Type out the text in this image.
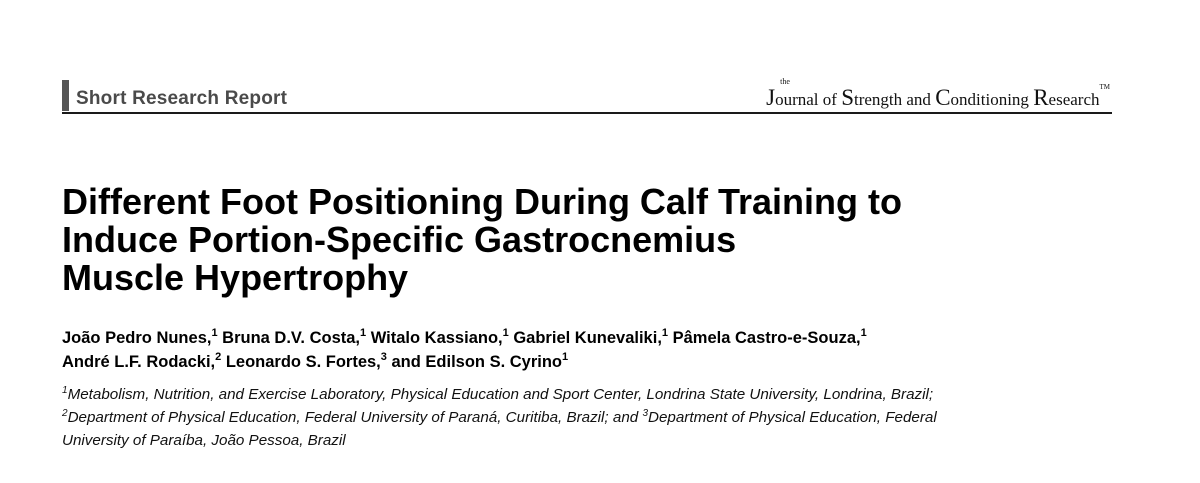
Short Research Report
the
Journal of Strength and Conditioning Research™
Different Foot Positioning During Calf Training to
Induce Portion-Specific Gastrocnemius
Muscle Hypertrophy
João Pedro Nunes,$^1$ Bruna D.V. Costa,$^1$ Witalo Kassiano,$^1$ Gabriel Kunevaliki,$^1$ Pâmela Castro-e-Souza,$^1$
André L.F. Rodacki,$^2$ Leonardo S. Fortes,$^3$ and Edilson S. Cyrino$^1$
$^1$Metabolism, Nutrition, and Exercise Laboratory, Physical Education and Sport Center, Londrina State University, Londrina, Brazil;
$^2$Department of Physical Education, Federal University of Paraná, Curitiba, Brazil; and $^3$Department of Physical Education, Federal
University of Paraíba, João Pessoa, Brazil
